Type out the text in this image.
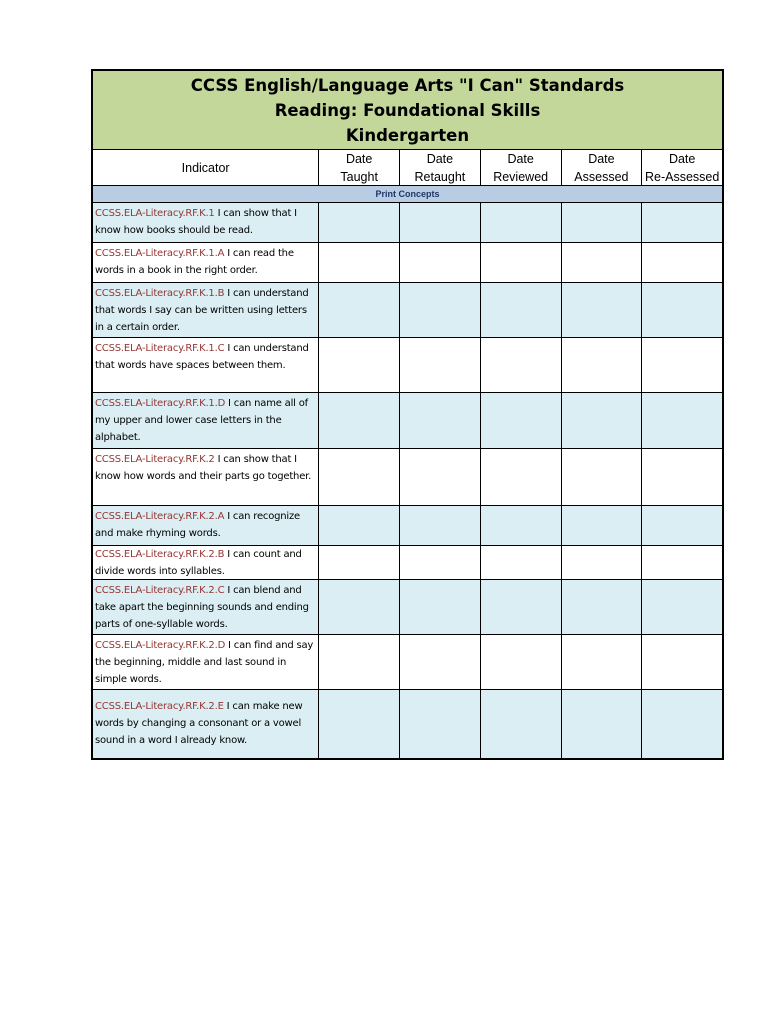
CCSS English/Language Arts "I Can" Standards
Reading: Foundational Skills
Kindergarten
Indicator
Date
Taught
Date
Retaught
Date
Reviewed
Date
Assessed
Date
Re-Assessed
Print Concepts
CCSS.ELA-Literacy.RF.K.1 I can show that I know how books should be read.
CCSS.ELA-Literacy.RF.K.1.A I can read the words in a book in the right order.
CCSS.ELA-Literacy.RF.K.1.B I can understand that words I say can be written using letters in a certain order.
CCSS.ELA-Literacy.RF.K.1.C I can understand that words have spaces between them.
CCSS.ELA-Literacy.RF.K.1.D I can name all of my upper and lower case letters in the alphabet.
CCSS.ELA-Literacy.RF.K.2 I can show that I know how words and their parts go together.
CCSS.ELA-Literacy.RF.K.2.A I can recognize and make rhyming words.
CCSS.ELA-Literacy.RF.K.2.B I can count and divide words into syllables.
CCSS.ELA-Literacy.RF.K.2.C I can blend and take apart the beginning sounds and ending parts of one-syllable words.
CCSS.ELA-Literacy.RF.K.2.D I can find and say the beginning, middle and last sound in simple words.
CCSS.ELA-Literacy.RF.K.2.E I can make new words by changing a consonant or a vowel sound in a word I already know.
